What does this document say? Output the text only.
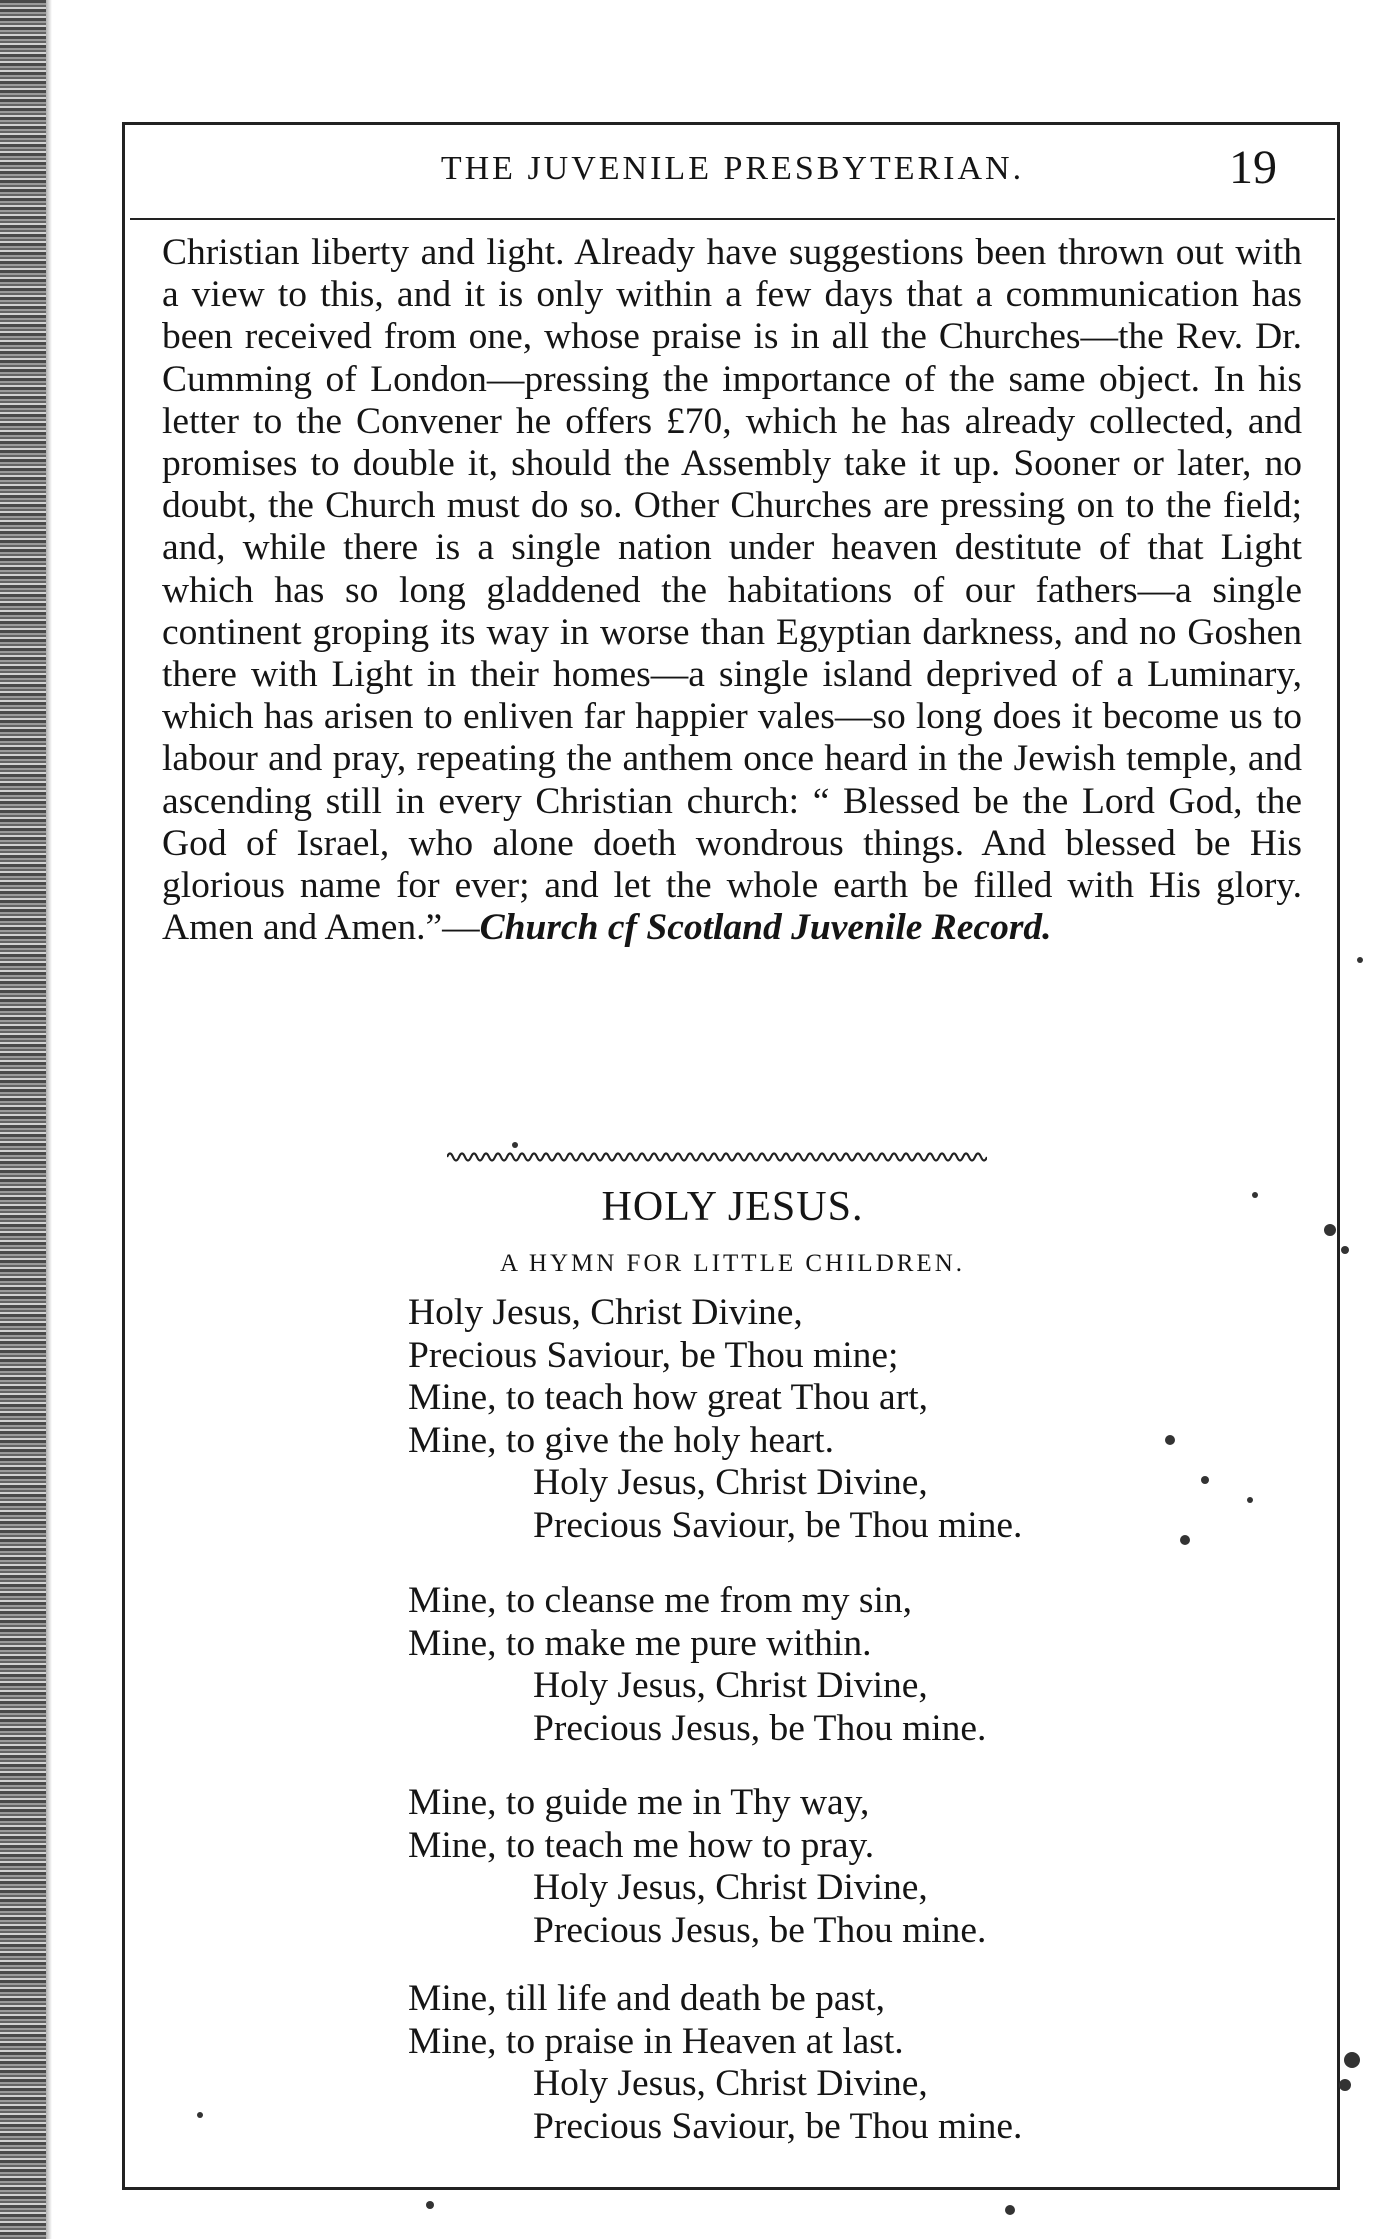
THE JUVENILE PRESBYTERIAN.	19

Christian liberty and light. Already have suggestions been thrown out with a view to this, and it is only within a few days that a communication has been received from one, whose praise is in all the Churches—the Rev. Dr. Cumming of London—pressing the importance of the same object. In his letter to the Convener he offers £70, which he has already collected, and promises to double it, should the Assembly take it up. Sooner or later, no doubt, the Church must do so. Other Churches are pressing on to the field; and, while there is a single nation under heaven destitute of that Light which has so long gladdened the habitations of our fathers—a single continent groping its way in worse than Egyptian darkness, and no Goshen there with Light in their homes—a single island deprived of a Luminary, which has arisen to enliven far happier vales—so long does it become us to labour and pray, repeating the anthem once heard in the Jewish temple, and ascending still in every Christian church: “ Blessed be the Lord God, the God of Israel, who alone doeth wondrous things. And blessed be His glorious name for ever; and let the whole earth be filled with His glory. Amen and Amen.”—Church cf Scotland Juvenile Record.

HOLY JESUS.
A HYMN FOR LITTLE CHILDREN.
Holy Jesus, Christ Divine,
Precious Saviour, be Thou mine;
Mine, to teach how great Thou art,
Mine, to give the holy heart.
Holy Jesus, Christ Divine,
Precious Saviour, be Thou mine.
Mine, to cleanse me from my sin,
Mine, to make me pure within.
Holy Jesus, Christ Divine,
Precious Jesus, be Thou mine.
Mine, to guide me in Thy way,
Mine, to teach me how to pray.
Holy Jesus, Christ Divine,
Precious Jesus, be Thou mine.
Mine, till life and death be past,
Mine, to praise in Heaven at last.
Holy Jesus, Christ Divine,
Precious Saviour, be Thou mine.
